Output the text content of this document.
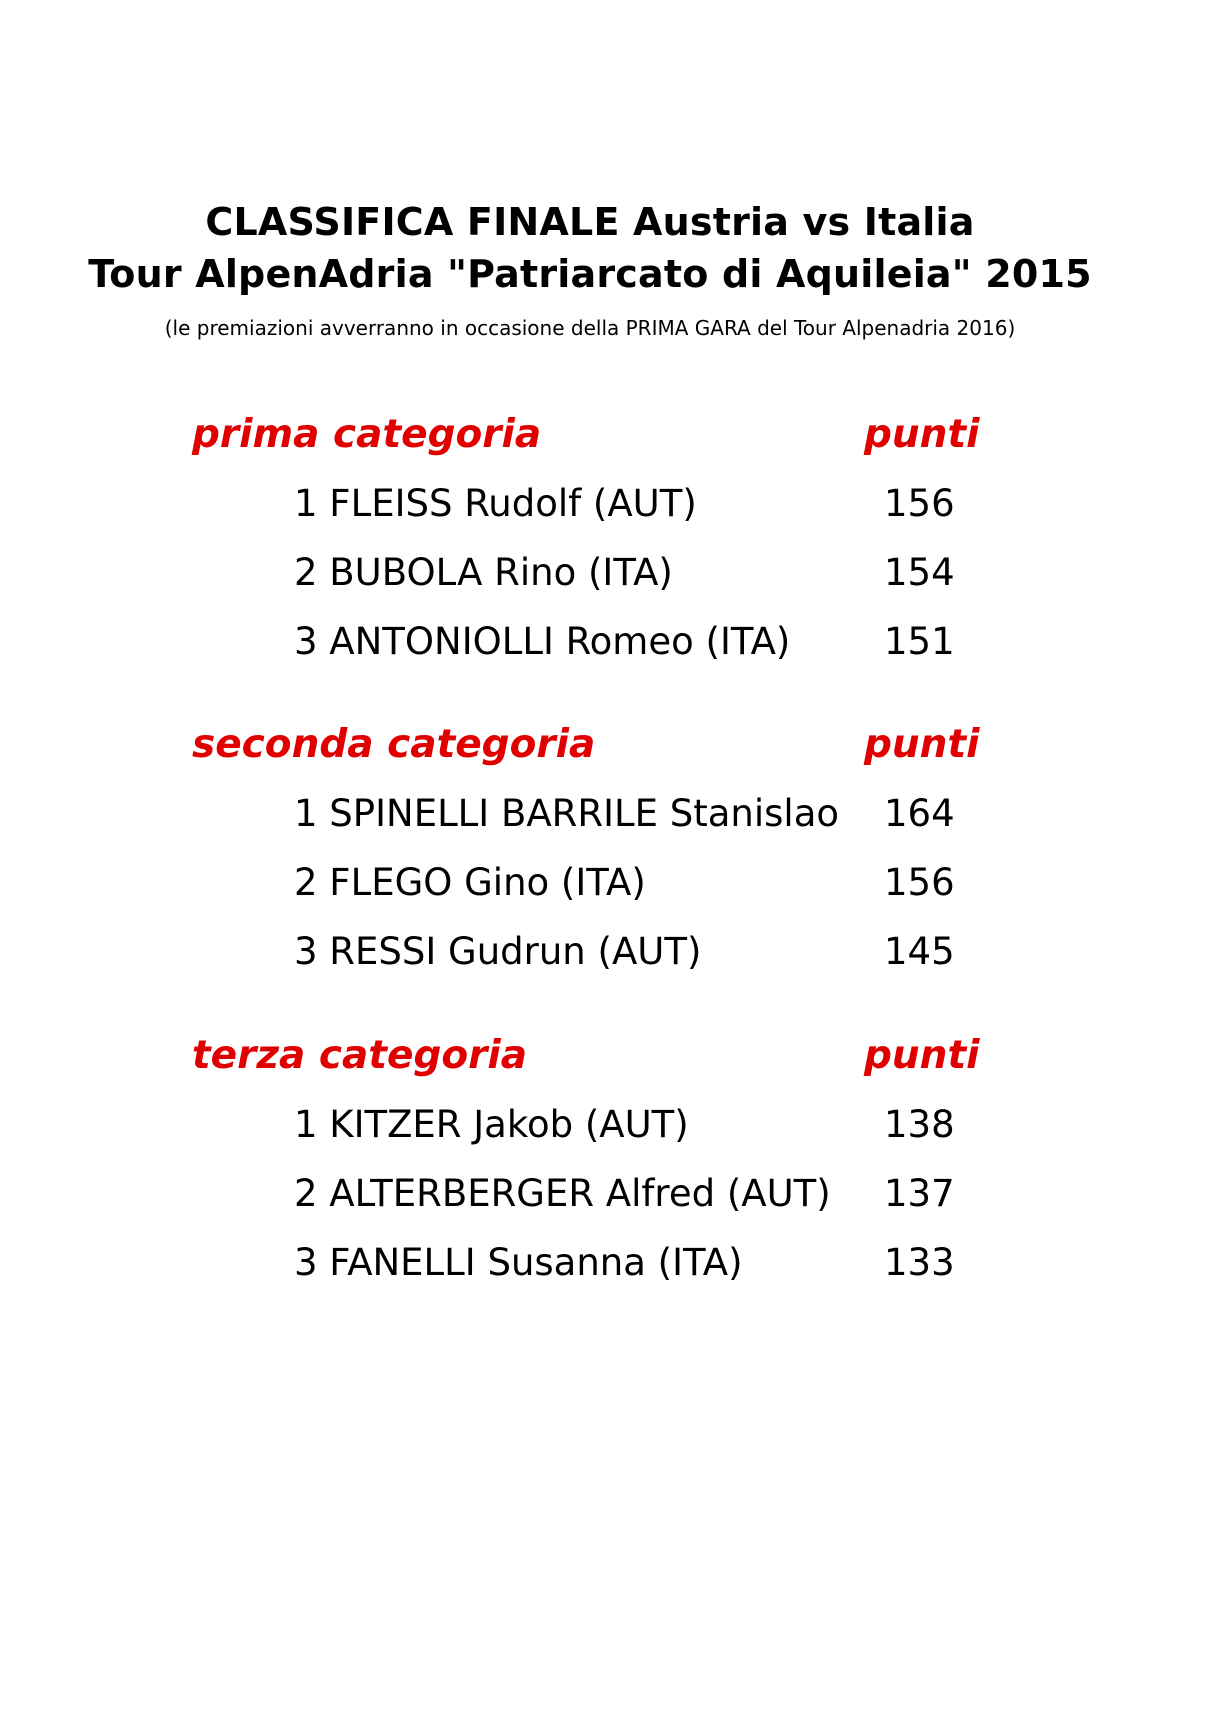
CLASSIFICA FINALE Austria vs Italia
Tour AlpenAdria "Patriarcato di Aquileia" 2015
(le premiazioni avverranno in occasione della PRIMA GARA del Tour Alpenadria 2016)
prima categoria	punti
1 FLEISS Rudolf (AUT)	156
2 BUBOLA Rino (ITA)	154
3 ANTONIOLLI Romeo (ITA)	151
seconda categoria	punti
1 SPINELLI BARRILE Stanislao 164
2 FLEGO Gino (ITA)	156
3 RESSI Gudrun (AUT)	145
terza categoria	punti
1 KITZER Jakob (AUT)	138
2 ALTERBERGER Alfred (AUT)	137
3 FANELLI Susanna (ITA)	133
